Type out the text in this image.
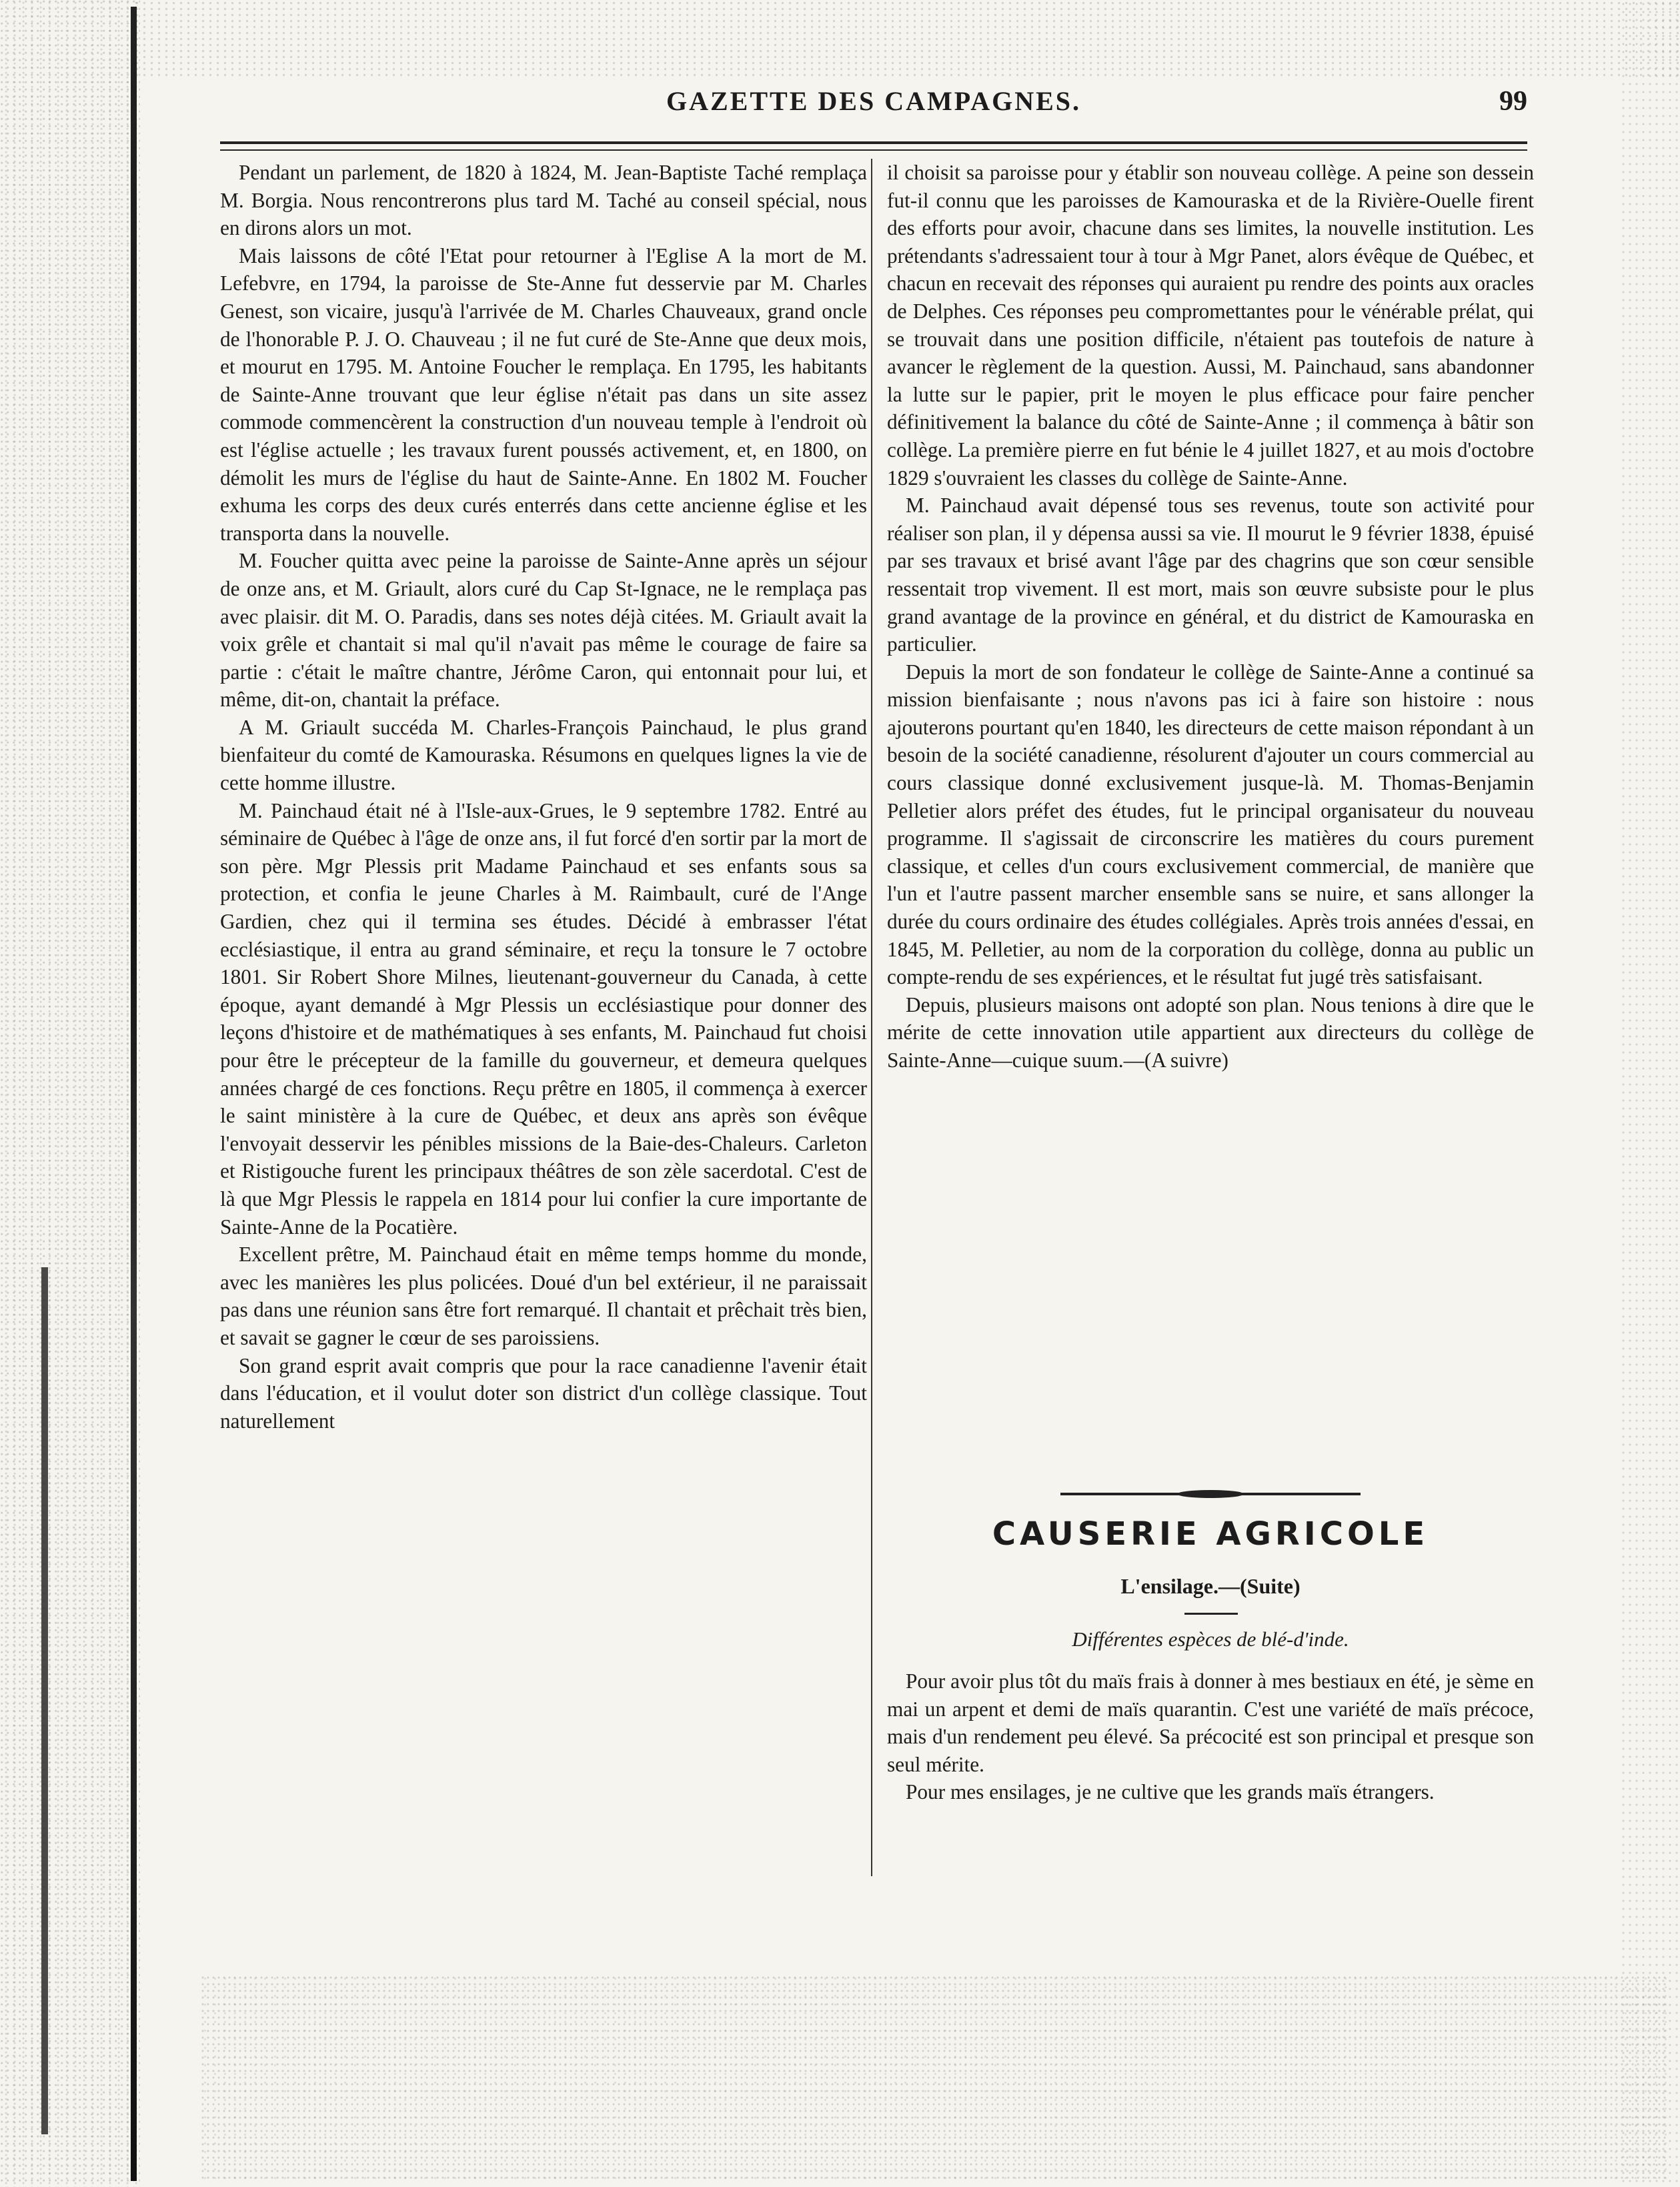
GAZETTE DES CAMPAGNES.	99

Pendant un parlement, de 1820 à 1824, M. Jean-Baptiste Taché remplaça M. Borgia. Nous rencontrerons plus tard M. Taché au conseil spécial, nous en dirons alors un mot.

Mais laissons de côté l'Etat pour retourner à l'Eglise A la mort de M. Lefebvre, en 1794, la paroisse de Ste-Anne fut desservie par M. Charles Genest, son vicaire, jusqu'à l'arrivée de M. Charles Chauveaux, grand oncle de l'honorable P. J. O. Chauveau ; il ne fut curé de Ste-Anne que deux mois, et mourut en 1795. M. Antoine Foucher le remplaça. En 1795, les habitants de Sainte-Anne trouvant que leur église n'était pas dans un site assez commode commencèrent la construction d'un nouveau temple à l'endroit où est l'église actuelle ; les travaux furent poussés activement, et, en 1800, on démolit les murs de l'église du haut de Sainte-Anne. En 1802 M. Foucher exhuma les corps des deux curés enterrés dans cette ancienne église et les transporta dans la nouvelle.

M. Foucher quitta avec peine la paroisse de Sainte-Anne après un séjour de onze ans, et M. Griault, alors curé du Cap St-Ignace, ne le remplaça pas avec plaisir. dit M. O. Paradis, dans ses notes déjà citées. M. Griault avait la voix grêle et chantait si mal qu'il n'avait pas même le courage de faire sa partie : c'était le maître chantre, Jérôme Caron, qui entonnait pour lui, et même, dit-on, chantait la préface.

A M. Griault succéda M. Charles-François Painchaud, le plus grand bienfaiteur du comté de Kamouraska. Résumons en quelques lignes la vie de cette homme illustre.

M. Painchaud était né à l'Isle-aux-Grues, le 9 septembre 1782. Entré au séminaire de Québec à l'âge de onze ans, il fut forcé d'en sortir par la mort de son père. Mgr Plessis prit Madame Painchaud et ses enfants sous sa protection, et confia le jeune Charles à M. Raimbault, curé de l'Ange Gardien, chez qui il termina ses études. Décidé à embrasser l'état ecclésiastique, il entra au grand séminaire, et reçu la tonsure le 7 octobre 1801. Sir Robert Shore Milnes, lieutenant-gouverneur du Canada, à cette époque, ayant demandé à Mgr Plessis un ecclésiastique pour donner des leçons d'histoire et de mathématiques à ses enfants, M. Painchaud fut choisi pour être le précepteur de la famille du gouverneur, et demeura quelques années chargé de ces fonctions. Reçu prêtre en 1805, il commença à exercer le saint ministère à la cure de Québec, et deux ans après son évêque l'envoyait desservir les pénibles missions de la Baie-des-Chaleurs. Carleton et Ristigouche furent les principaux théâtres de son zèle sacerdotal. C'est de là que Mgr Plessis le rappela en 1814 pour lui confier la cure importante de Sainte-Anne de la Pocatière.

Excellent prêtre, M. Painchaud était en même temps homme du monde, avec les manières les plus policées. Doué d'un bel extérieur, il ne paraissait pas dans une réunion sans être fort remarqué. Il chantait et prêchait très bien, et savait se gagner le cœur de ses paroissiens.

Son grand esprit avait compris que pour la race canadienne l'avenir était dans l'éducation, et il voulut doter son district d'un collège classique. Tout naturellement

il choisit sa paroisse pour y établir son nouveau collège. A peine son dessein fut-il connu que les paroisses de Kamouraska et de la Rivière-Ouelle firent des efforts pour avoir, chacune dans ses limites, la nouvelle institution. Les prétendants s'adressaient tour à tour à Mgr Panet, alors évêque de Québec, et chacun en recevait des réponses qui auraient pu rendre des points aux oracles de Delphes. Ces réponses peu compromettantes pour le vénérable prélat, qui se trouvait dans une position difficile, n'étaient pas toutefois de nature à avancer le règlement de la question. Aussi, M. Painchaud, sans abandonner la lutte sur le papier, prit le moyen le plus efficace pour faire pencher définitivement la balance du côté de Sainte-Anne ; il commença à bâtir son collège. La première pierre en fut bénie le 4 juillet 1827, et au mois d'octobre 1829 s'ouvraient les classes du collège de Sainte-Anne.

M. Painchaud avait dépensé tous ses revenus, toute son activité pour réaliser son plan, il y dépensa aussi sa vie. Il mourut le 9 février 1838, épuisé par ses travaux et brisé avant l'âge par des chagrins que son cœur sensible ressentait trop vivement. Il est mort, mais son œuvre subsiste pour le plus grand avantage de la province en général, et du district de Kamouraska en particulier.

Depuis la mort de son fondateur le collège de Sainte-Anne a continué sa mission bienfaisante ; nous n'avons pas ici à faire son histoire : nous ajouterons pourtant qu'en 1840, les directeurs de cette maison répondant à un besoin de la société canadienne, résolurent d'ajouter un cours commercial au cours classique donné exclusivement jusque-là. M. Thomas-Benjamin Pelletier alors préfet des études, fut le principal organisateur du nouveau programme. Il s'agissait de circonscrire les matières du cours purement classique, et celles d'un cours exclusivement commercial, de manière que l'un et l'autre passent marcher ensemble sans se nuire, et sans allonger la durée du cours ordinaire des études collégiales. Après trois années d'essai, en 1845, M. Pelletier, au nom de la corporation du collège, donna au public un compte-rendu de ses expériences, et le résultat fut jugé très satisfaisant.

Depuis, plusieurs maisons ont adopté son plan. Nous tenions à dire que le mérite de cette innovation utile appartient aux directeurs du collège de Sainte-Anne—cuique suum.—(A suivre)

CAUSERIE AGRICOLE
L'ensilage.—(Suite)
Différentes espèces de blé-d'inde.

Pour avoir plus tôt du maïs frais à donner à mes bestiaux en été, je sème en mai un arpent et demi de maïs quarantin. C'est une variété de maïs précoce, mais d'un rendement peu élevé. Sa précocité est son principal et presque son seul mérite.

Pour mes ensilages, je ne cultive que les grands maïs étrangers.
